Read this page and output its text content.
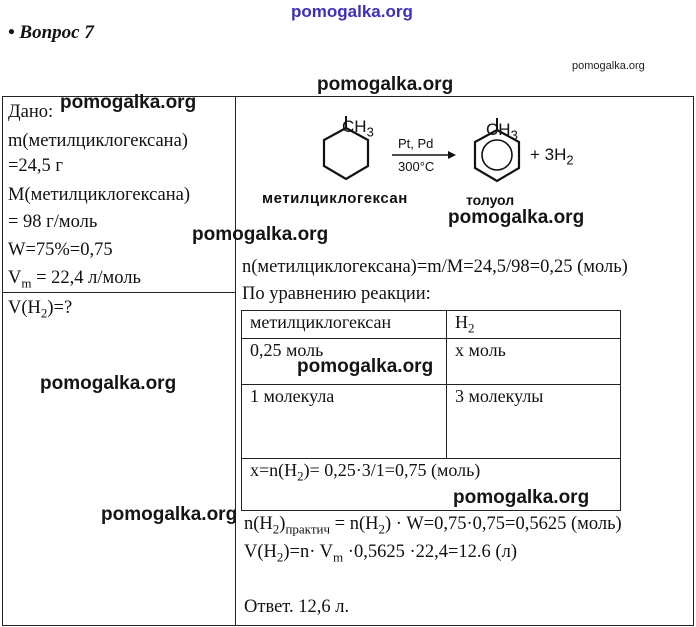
pomogalka.org
pomogalka.org
pomogalka.org
• Вопрос 7
Дано:
m(метилциклогексана)
=24,5 г
М(метилциклогексана)
= 98 г/моль
W=75%=0,75
$V_m = 22,4$ л/моль
$V(H_2)=$?
pomogalka.org
pomogalka.org
pomogalka.org
pomogalka.org
$CH_3$	$CH_3$
Pt, Pd
300°C
+ $3H_2$
метилциклогексан	толуол
pomogalka.org
n(метилциклогексана)=m/M=24,5/98=0,25 (моль)
По уравнению реакции:
метилциклогексан	$H_2$
0,25 моль	х моль
1 молекула	3 молекулы
$x=n(H_2)= 0,25\cdot 3/1=0,75$ (моль)	
pomogalka.org
pomogalka.org
$n(H_2)_{практич} = n(H_2) \cdot W=0,75\cdot 0,75=0,5625$ (моль)
$V(H_2)=n\cdot V_m \cdot 0,5625 \cdot 22,4=12.6$ (л)
Ответ. 12,6 л.
